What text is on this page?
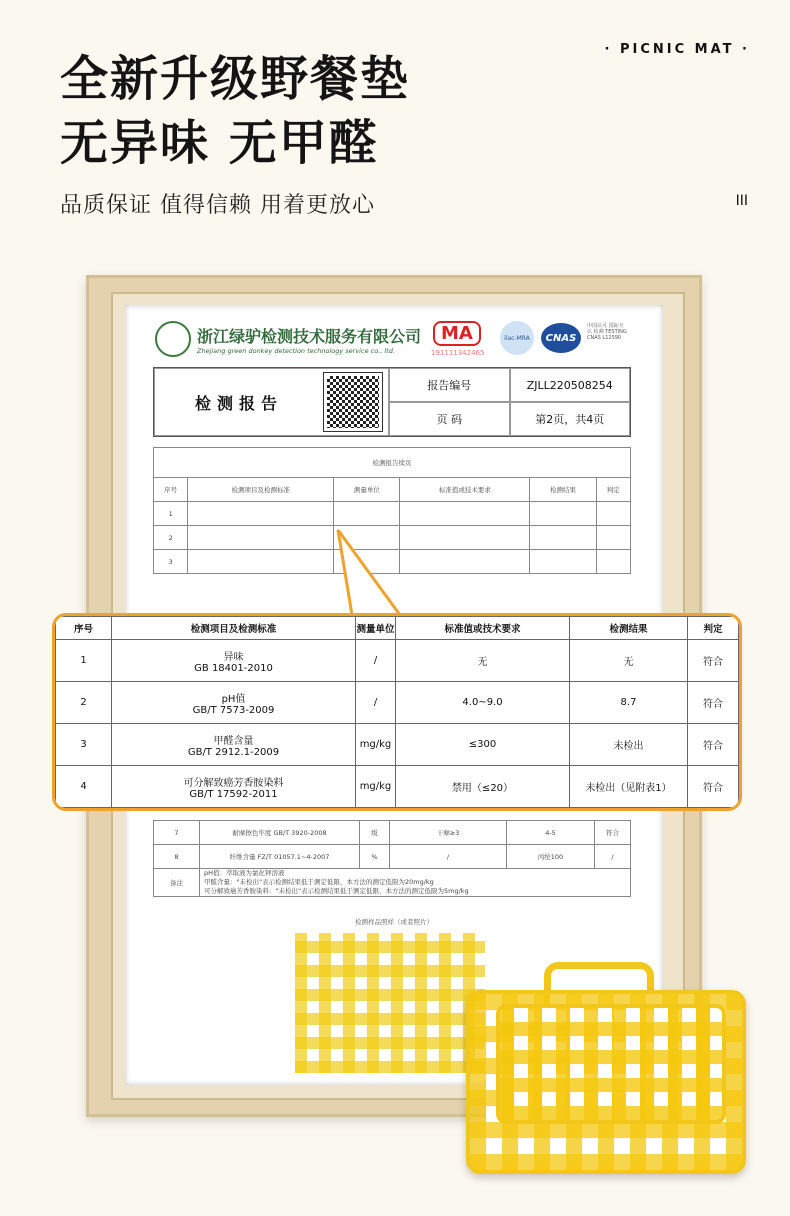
全新升级野餐垫
无异味 无甲醛
品质保证 值得信赖 用着更放心
· PICNIC MAT ·
III
浙江绿驴检测技术服务有限公司
Zhejiang green donkey detection technology service co., ltd.
MA
191111342465
ilac-MRA	CNAS
中国认可 国际互认 检测 TESTING CNAS L12590
检测报告
报告编号	ZJLL220508254
页 码	第2页，共4页
检测报告续页					
序号	检测项目及检测标准	测量单位	标准值或技术要求	检测结果	判定
1					
2					
3					
7	耐摩擦色牢度 GB/T 3920-2008	级	干摩≥3	4-5	符合
8	纤维含量 FZ/T 01057.1~4-2007	%	/	丙纶100	/
备注	pH值：萃取液为氯化钾溶液
甲醛含量："未检出"表示检测结果低于测定低限，本方法的测定低限为20mg/kg
可分解致癌芳香胺染料："未检出"表示检测结果低于测定低限，本方法的测定低限为5mg/kg				
检测样品照样（或者照片）
序号	检测项目及检测标准	测量单位	标准值或技术要求	检测结果	判定
1	异味
GB 18401-2010	/	无	无	符合
2	pH值
GB/T 7573-2009	/	4.0~9.0	8.7	符合
3	甲醛含量
GB/T 2912.1-2009	mg/kg	≤300	未检出	符合
4	可分解致癌芳香胺染料
GB/T 17592-2011	mg/kg	禁用（≤20）	未检出（见附表1）	符合
